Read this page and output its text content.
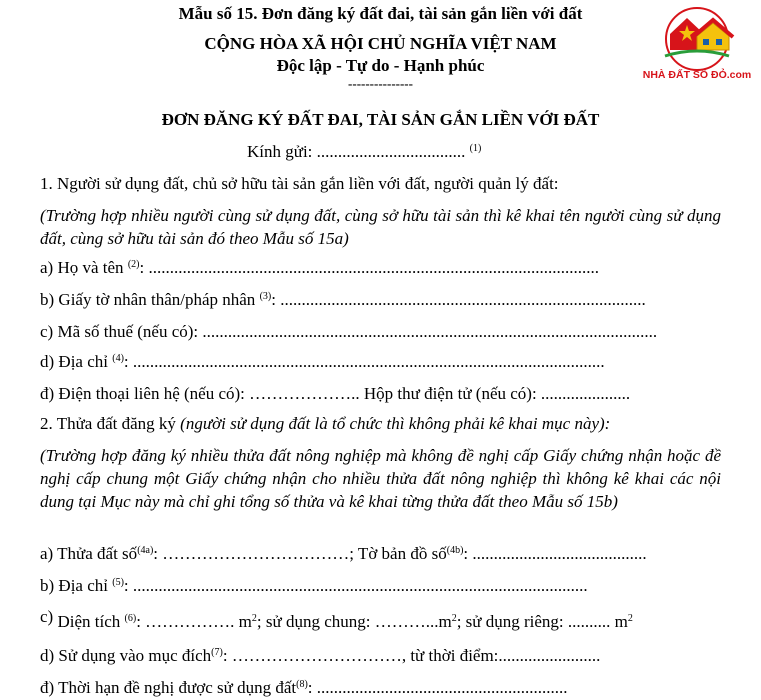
Mẫu số 15. Đơn đăng ký đất đai, tài sản gắn liền với đất
CỘNG HÒA XÃ HỘI CHỦ NGHĨA VIỆT NAM
Độc lập - Tự do - Hạnh phúc
---------------
NHÀ ĐẤT SỔ ĐỎ.com
ĐƠN ĐĂNG KÝ ĐẤT ĐAI, TÀI SẢN GẮN LIỀN VỚI ĐẤT
Kính gửi: ................................... $^{(1)}$
1. Người sử dụng đất, chủ sở hữu tài sản gắn liền với đất, người quản lý đất:
(Trường hợp nhiều người cùng sử dụng đất, cùng sở hữu tài sản thì kê khai tên người cùng sử dụng đất, cùng sở hữu tài sản đó theo Mẫu số 15a)
a) Họ và tên $^{(2)}$: ..........................................................................................................
b) Giấy tờ nhân thân/pháp nhân $^{(3)}$: ......................................................................................
c) Mã số thuế (nếu có): ...........................................................................................................
d) Địa chỉ $^{(4)}$: ...............................................................................................................
đ) Điện thoại liên hệ (nếu có): ……………….. Hộp thư điện tử (nếu có): .....................
2. Thửa đất đăng ký (người sử dụng đất là tổ chức thì không phải kê khai mục này):
(Trường hợp đăng ký nhiều thửa đất nông nghiệp mà không đề nghị cấp Giấy chứng nhận hoặc đề nghị cấp chung một Giấy chứng nhận cho nhiều thửa đất nông nghiệp thì không kê khai các nội dung tại Mục này mà chỉ ghi tổng số thửa và kê khai từng thửa đất theo Mẫu số 15b)
a) Thửa đất số$^{(4a)}$: ……………………………; Tờ bản đồ số$^{(4b)}$: .........................................
b) Địa chỉ $^{(5)}$: ...........................................................................................................
c) Diện tích $^{(6)}$: ……………. $m^2$; sử dụng chung: $\dots\dots\dots...m^2$; sử dụng riêng: .......... $m^2$
d) Sử dụng vào mục đích$^{(7)}$: …………………………, từ thời điểm:........................
đ) Thời hạn đề nghị được sử dụng đất$^{(8)}$: ...........................................................
